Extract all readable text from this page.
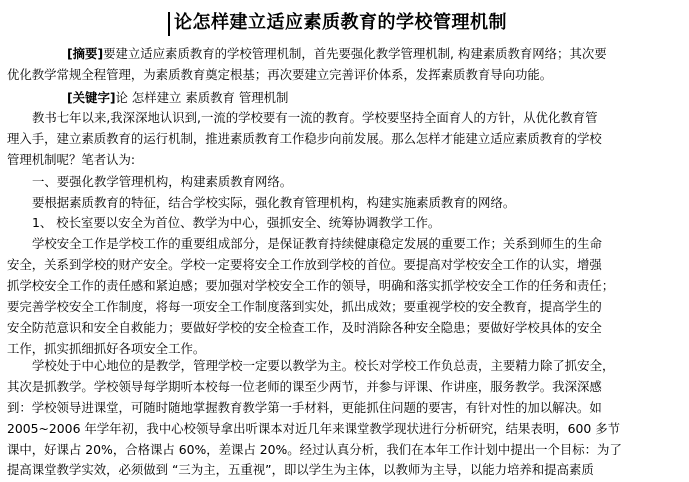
论怎样建立适应素质教育的学校管理机制
[摘要]要建立适应素质教育的学校管理机制，首先要强化教学管理机制, 构建素质教育网络；其次要
优化教学常规全程管理，为素质教育奠定根基；再次要建立完善评价体系，发挥素质教育导向功能。
[关键字]论 怎样建立 素质教育 管理机制
教书七年以来,我深深地认识到,一流的学校要有一流的教育。学校要坚持全面育人的方针，从优化教育管
理入手，建立素质教育的运行机制，推进素质教育工作稳步向前发展。那么怎样才能建立适应素质教育的学校
管理机制呢？笔者认为:
一、要强化教学管理机构，构建素质教育网络。
要根据素质教育的特征，结合学校实际，强化教育管理机构，构建实施素质教育的网络。
1、 校长室要以安全为首位、教学为中心，强抓安全、统筹协调教学工作。
学校安全工作是学校工作的重要组成部分，是保证教育持续健康稳定发展的重要工作；关系到师生的生命
安全，关系到学校的财产安全。学校一定要将安全工作放到学校的首位。要提高对学校安全工作的认实，增强
抓学校安全工作的责任感和紧迫感；要加强对学校安全工作的领导，明确和落实抓学校安全工作的任务和责任；
要完善学校安全工作制度，将每一项安全工作制度落到实处，抓出成效；要重视学校的安全教育，提高学生的
安全防范意识和安全自救能力；要做好学校的安全检查工作，及时消除各种安全隐患；要做好学校具体的安全
工作，抓实抓细抓好各项安全工作。
学校处于中心地位的是教学，管理学校一定要以教学为主。校长对学校工作负总责，主要精力除了抓安全，
其次是抓教学。学校领导每学期听本校每一位老师的课至少两节，并参与评课、作讲座，服务教学。我深深感
到：学校领导进课堂，可随时随地掌握教育教学第一手材料，更能抓住问题的要害，有针对性的加以解决。如
2005~2006 年学年初，我中心校领导拿出听课本对近几年来课堂教学现状进行分析研究，结果表明，600 多节
课中，好课占 20%，合格课占 60%，差课占 20%。经过认真分析，我们在本年工作计划中提出一个目标：为了
提高课堂教学实效，必须做到 “三为主，五重视”，即以学生为主体，以教师为主导，以能力培养和提高素质
